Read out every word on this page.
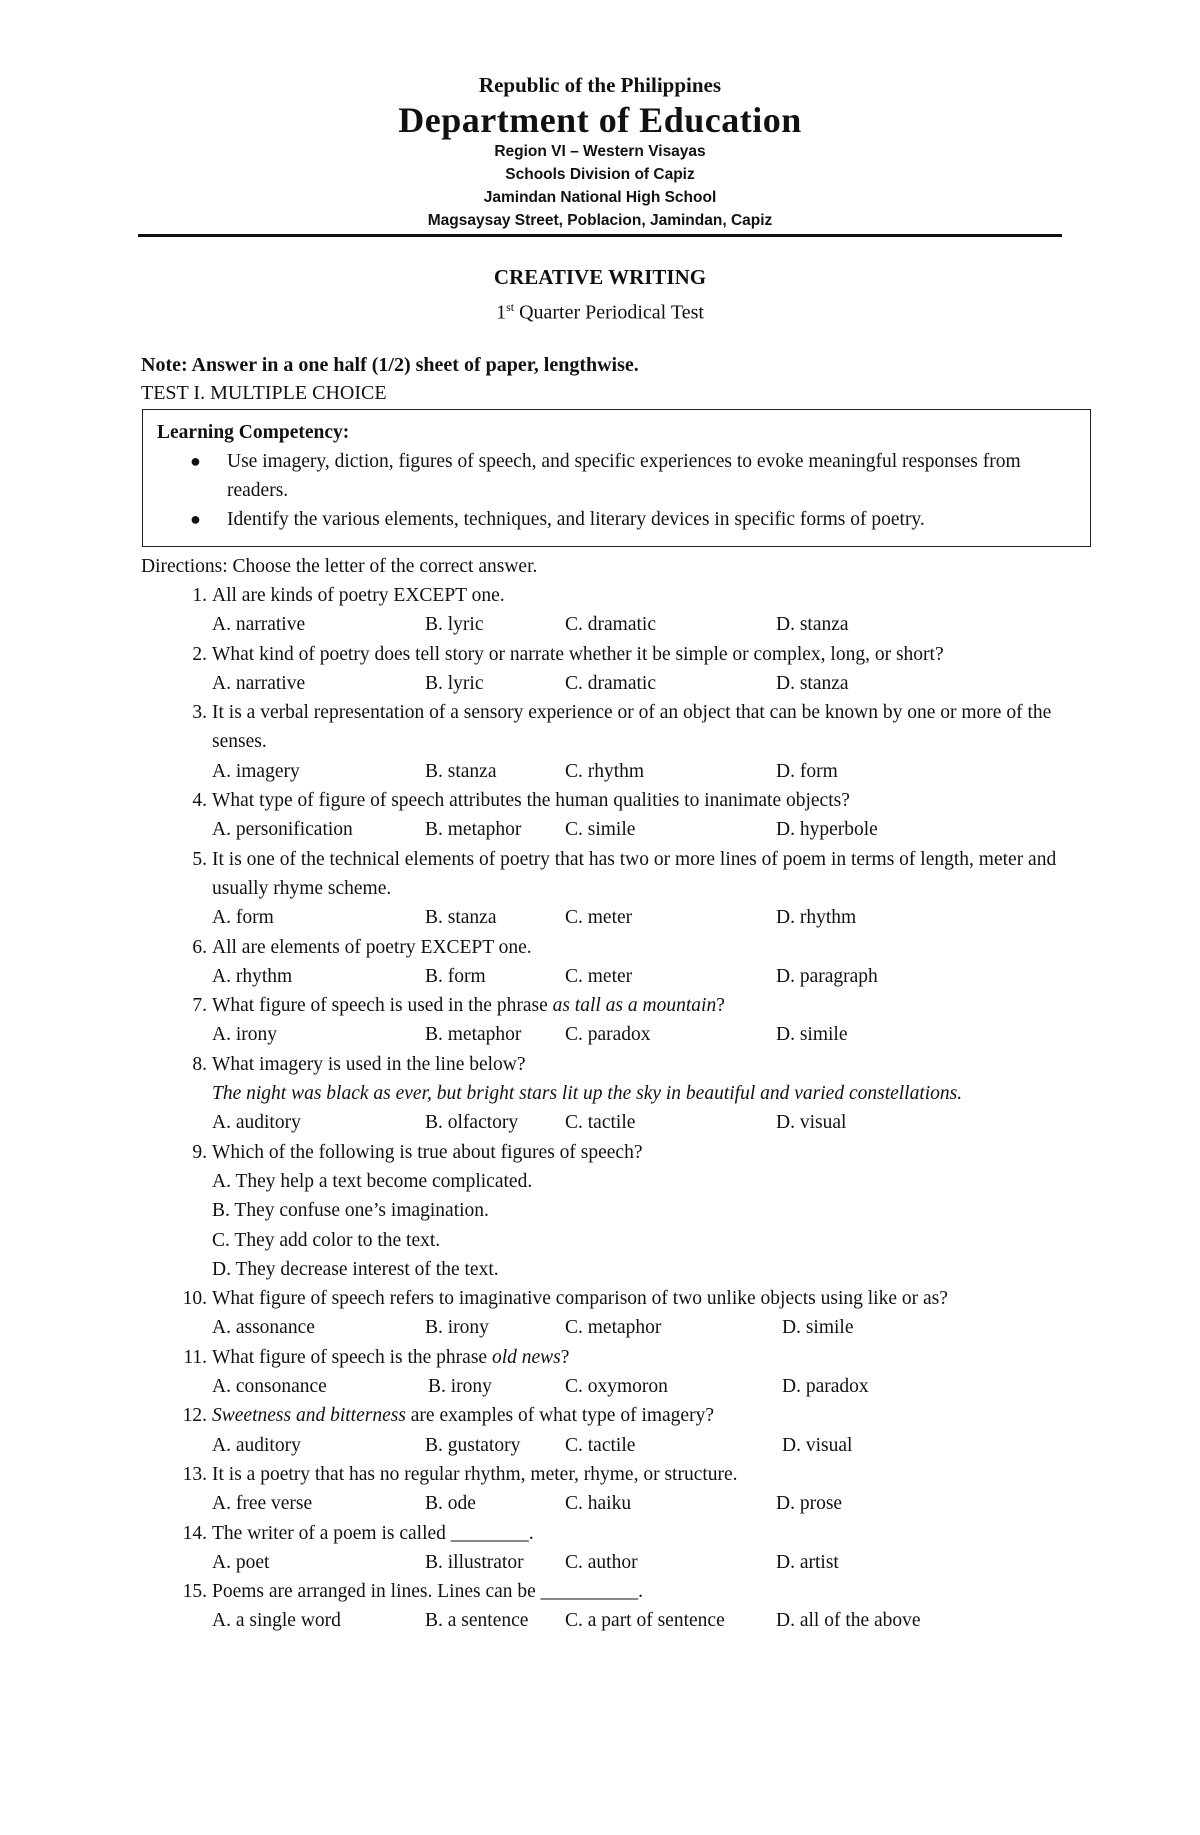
Republic of the Philippines
Department of Education
Region VI – Western Visayas
Schools Division of Capiz
Jamindan National High School
Magsaysay Street, Poblacion, Jamindan, Capiz
CREATIVE WRITING
1st Quarter Periodical Test
Note: Answer in a one half (1/2) sheet of paper, lengthwise.
TEST I. MULTIPLE CHOICE
Learning Competency:
● Use imagery, diction, figures of speech, and specific experiences to evoke meaningful responses from readers.
● Identify the various elements, techniques, and literary devices in specific forms of poetry.
Directions: Choose the letter of the correct answer.
1. All are kinds of poetry EXCEPT one.
A. narrative	B. lyric	C. dramatic	D. stanza
2. What kind of poetry does tell story or narrate whether it be simple or complex, long, or short?
A. narrative	B. lyric	C. dramatic	D. stanza
3. It is a verbal representation of a sensory experience or of an object that can be known by one or more of the senses.
A. imagery	B. stanza	C. rhythm	D. form
4. What type of figure of speech attributes the human qualities to inanimate objects?
A. personification	B. metaphor C. simile	D. hyperbole
5. It is one of the technical elements of poetry that has two or more lines of poem in terms of length, meter and usually rhyme scheme.
A. form	B. stanza	C. meter	D. rhythm
6. All are elements of poetry EXCEPT one.
A. rhythm	B. form	C. meter	D. paragraph
7. What figure of speech is used in the phrase as tall as a mountain?
A. irony	B. metaphor C. paradox	D. simile
8. What imagery is used in the line below?
The night was black as ever, but bright stars lit up the sky in beautiful and varied constellations.
A. auditory	B. olfactory C. tactile	D. visual
9. Which of the following is true about figures of speech?
A. They help a text become complicated.
B. They confuse one’s imagination.
C. They add color to the text.
D. They decrease interest of the text.
10. What figure of speech refers to imaginative comparison of two unlike objects using like or as?
A. assonance	B. irony	C. metaphor	D. simile
11. What figure of speech is the phrase old news?
A. consonance	B. irony	C. oxymoron	D. paradox
12. Sweetness and bitterness are examples of what type of imagery?
A. auditory	B. gustatory C. tactile	D. visual
13. It is a poetry that has no regular rhythm, meter, rhyme, or structure.
A. free verse	B. ode	C. haiku	D. prose
14. The writer of a poem is called ________.
A. poet	B. illustrator C. author	D. artist
15. Poems are arranged in lines. Lines can be __________.
A. a single word	B. a sentence C. a part of sentence	D. all of the above
